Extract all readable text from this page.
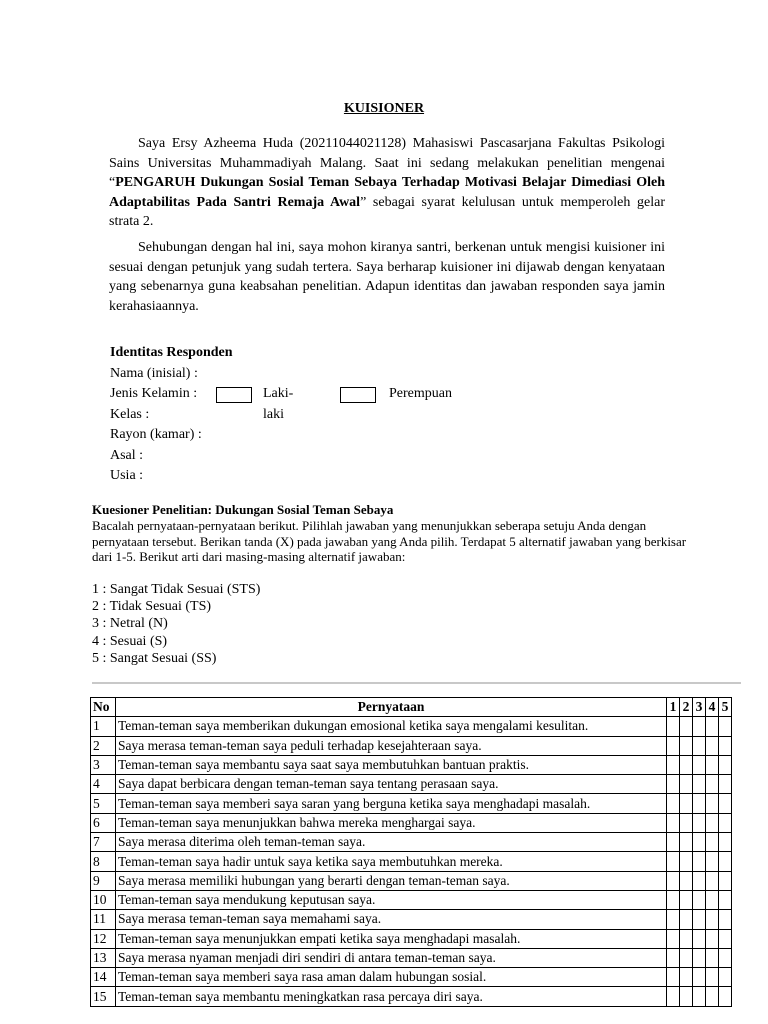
KUISIONER

Saya Ersy Azheema Huda (20211044021128) Mahasiswi Pascasarjana Fakultas Psikologi Sains Universitas Muhammadiyah Malang. Saat ini sedang melakukan penelitian mengenai “PENGARUH Dukungan Sosial Teman Sebaya Terhadap Motivasi Belajar Dimediasi Oleh Adaptabilitas Pada Santri Remaja Awal” sebagai syarat kelulusan untuk memperoleh gelar strata 2.

Sehubungan dengan hal ini, saya mohon kiranya santri, berkenan untuk mengisi kuisioner ini sesuai dengan petunjuk yang sudah tertera. Saya berharap kuisioner ini dijawab dengan kenyataan yang sebenarnya guna keabsahan penelitian. Adapun identitas dan jawaban responden saya jamin kerahasiaannya.

Identitas Responden
Nama (inisial) :
Jenis Kelamin :	Laki-laki
Perempuan
Kelas :
Rayon (kamar) :
Asal :
Usia :
Kuesioner Penelitian: Dukungan Sosial Teman Sebaya

Bacalah pernyataan-pernyataan berikut. Pilihlah jawaban yang menunjukkan seberapa setuju Anda dengan pernyataan tersebut. Berikan tanda (X) pada jawaban yang Anda pilih. Terdapat 5 alternatif jawaban yang berkisar dari 1-5. Berikut arti dari masing-masing alternatif jawaban:

1 : Sangat Tidak Sesuai (STS)
2 : Tidak Sesuai (TS)
3 : Netral (N)
4 : Sesuai (S)
5 : Sangat Sesuai (SS)
No	Pernyataan	1	2	3	4	5
1	Teman-teman saya memberikan dukungan emosional ketika saya mengalami kesulitan.					
2	Saya merasa teman-teman saya peduli terhadap kesejahteraan saya.					
3	Teman-teman saya membantu saya saat saya membutuhkan bantuan praktis.					
4	Saya dapat berbicara dengan teman-teman saya tentang perasaan saya.					
5	Teman-teman saya memberi saya saran yang berguna ketika saya menghadapi masalah.					
6	Teman-teman saya menunjukkan bahwa mereka menghargai saya.					
7	Saya merasa diterima oleh teman-teman saya.					
8	Teman-teman saya hadir untuk saya ketika saya membutuhkan mereka.					
9	Saya merasa memiliki hubungan yang berarti dengan teman-teman saya.					
10	Teman-teman saya mendukung keputusan saya.					
11	Saya merasa teman-teman saya memahami saya.					
12	Teman-teman saya menunjukkan empati ketika saya menghadapi masalah.					
13	Saya merasa nyaman menjadi diri sendiri di antara teman-teman saya.					
14	Teman-teman saya memberi saya rasa aman dalam hubungan sosial.					
15	Teman-teman saya membantu meningkatkan rasa percaya diri saya.					
